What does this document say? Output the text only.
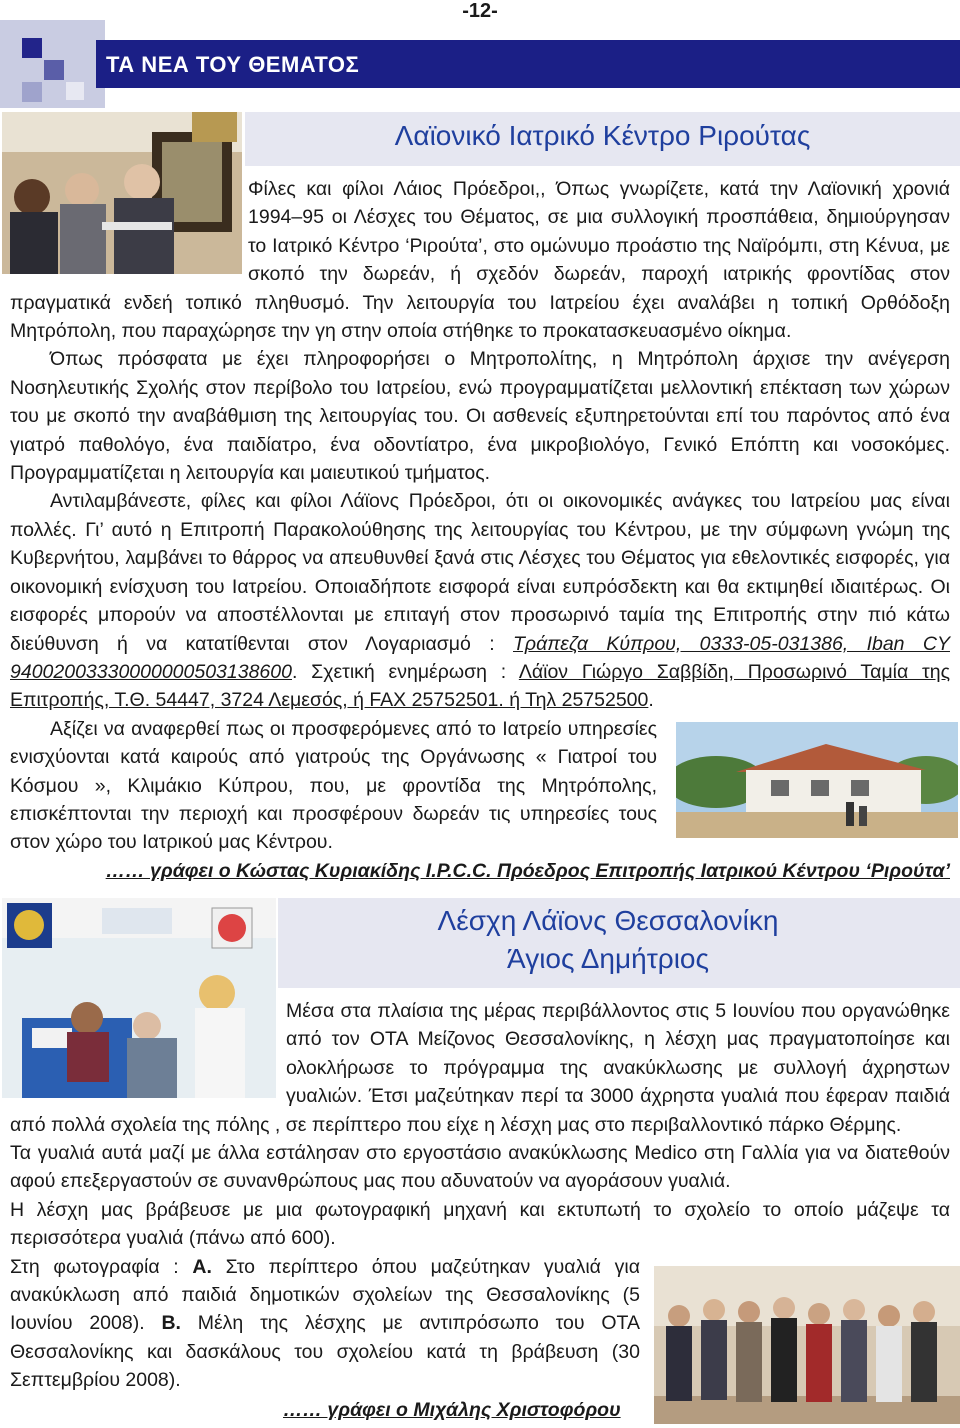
-12-
ΤΑ ΝΕΑ ΤΟΥ ΘΕΜΑΤΟΣ
Λαϊονικό Ιατρικό Κέντρο Ριρούτας

Φίλες και φίλοι Λάιος Πρόεδροι,, Όπως γνωρίζετε, κατά την Λαϊονική χρονιά 1994–95 οι Λέσχες του Θέματος, σε μια συλλογική προσπάθεια, δημιούργησαν το Ιατρικό Κέντρο ‘Ριρούτα’, στο ομώνυμο προάστιο της Ναϊρόμπι, στη Κένυα, με σκοπό την δωρεάν, ή σχεδόν δωρεάν, παροχή ιατρικής φροντίδας στον πραγματικά ενδεή τοπικό πληθυσμό. Την λειτουργία του Ιατρείου έχει αναλάβει η τοπική Ορθόδοξη Μητρόπολη, που παραχώρησε την γη στην οποία στήθηκε το προκατασκευασμένο οίκημα.

Όπως πρόσφατα με έχει πληροφορήσει ο Μητροπολίτης, η Μητρόπολη άρχισε την ανέγερση Νοσηλευτικής Σχολής στον περίβολο του Ιατρείου, ενώ προγραμματίζεται μελλοντική επέκταση των χώρων του με σκοπό την αναβάθμιση της λειτουργίας του. Οι ασθενείς εξυπηρετούνται επί του παρόντος από ένα γιατρό παθολόγο, ένα παιδίατρο, ένα οδοντίατρο, ένα μικροβιολόγο, Γενικό Επόπτη και νοσοκόμες. Προγραμματίζεται η λειτουργία και μαιευτικού τμήματος.

Αντιλαμβάνεστε, φίλες και φίλοι Λάϊονς Πρόεδροι, ότι οι οικονομικές ανάγκες του Ιατρείου μας είναι πολλές. Γι’ αυτό η Επιτροπή Παρακολούθησης της λειτουργίας του Κέντρου, με την σύμφωνη γνώμη της Κυβερνήτου, λαμβάνει το θάρρος να απευθυνθεί ξανά στις Λέσχες του Θέματος για εθελοντικές εισφορές, για οικονομική ενίσχυση του Ιατρείου. Οποιαδήποτε εισφορά είναι ευπρόσδεκτη και θα εκτιμηθεί ιδιαιτέρως. Οι εισφορές μπορούν να αποστέλλονται με επιταγή στον προσωρινό ταμία της Επιτροπής στην πιό κάτω διεύθυνση ή να κατατίθενται στον Λογαριασμό : Τράπεζα Κύπρου, 0333-05-031386, Iban CY 94002003330000000503138600. Σχετική ενημέρωση : Λάϊον Γιώργο Σαββίδη, Προσωρινό Ταμία της Επιτροπής, Τ.Θ. 54447, 3724 Λεμεσός, ή FAX 25752501. ή Τηλ 25752500.

Αξίζει να αναφερθεί πως οι προσφερόμενες από το Ιατρείο υπηρεσίες ενισχύονται κατά καιρούς από γιατρούς της Οργάνωσης « Γιατροί του Κόσμου », Κλιμάκιο Κύπρου, που, με φροντίδα της Μητρόπολης, επισκέπτονται την περιοχή και προσφέρουν δωρεάν τις υπηρεσίες τους στον χώρο του Ιατρικού μας Κέντρου.

…… γράφει ο Κώστας Κυριακίδης I.P.C.C. Πρόεδρος Επιτροπής Ιατρικού Κέντρου ‘Ριρούτα’

Λέσχη Λάϊονς Θεσσαλονίκη
Άγιος Δημήτριος

Μέσα στα πλαίσια της μέρας περιβάλλοντος στις 5 Ιουνίου που οργανώθηκε από τον ΟΤΑ Μείζονος Θεσσαλονίκης, η λέσχη μας πραγματοποίησε και ολοκλήρωσε το πρόγραμμα της ανακύκλωσης με συλλογή άχρηστων γυαλιών. Έτσι μαζεύτηκαν περί τα 3000 άχρηστα γυαλιά που έφεραν παιδιά από πολλά σχολεία της πόλης , σε περίπτερο που είχε η λέσχη μας στο περιβαλλοντικό πάρκο Θέρμης.

Τα γυαλιά αυτά μαζί με άλλα εστάλησαν στο εργοστάσιο ανακύκλωσης Medico στη Γαλλία για να διατεθούν αφού επεξεργαστούν σε συνανθρώπους μας που αδυνατούν να αγοράσουν γυαλιά.

Η λέσχη μας βράβευσε με μια φωτογραφική μηχανή και εκτυπωτή το σχολείο το οποίο μάζεψε τα περισσότερα γυαλιά (πάνω από 600).

Στη φωτογραφία : Α. Στο περίπτερο όπου μαζεύτηκαν γυαλιά για ανακύκλωση από παιδιά δημοτικών σχολείων της Θεσσαλονίκης (5 Ιουνίου 2008). Β. Μέλη της λέσχης με αντιπρόσωπο του ΟΤΑ Θεσσαλονίκης και δασκάλους του σχολείου κατά τη βράβευση (30 Σεπτεμβρίου 2008).

…… γράφει ο Μιχάλης Χριστοφόρου
